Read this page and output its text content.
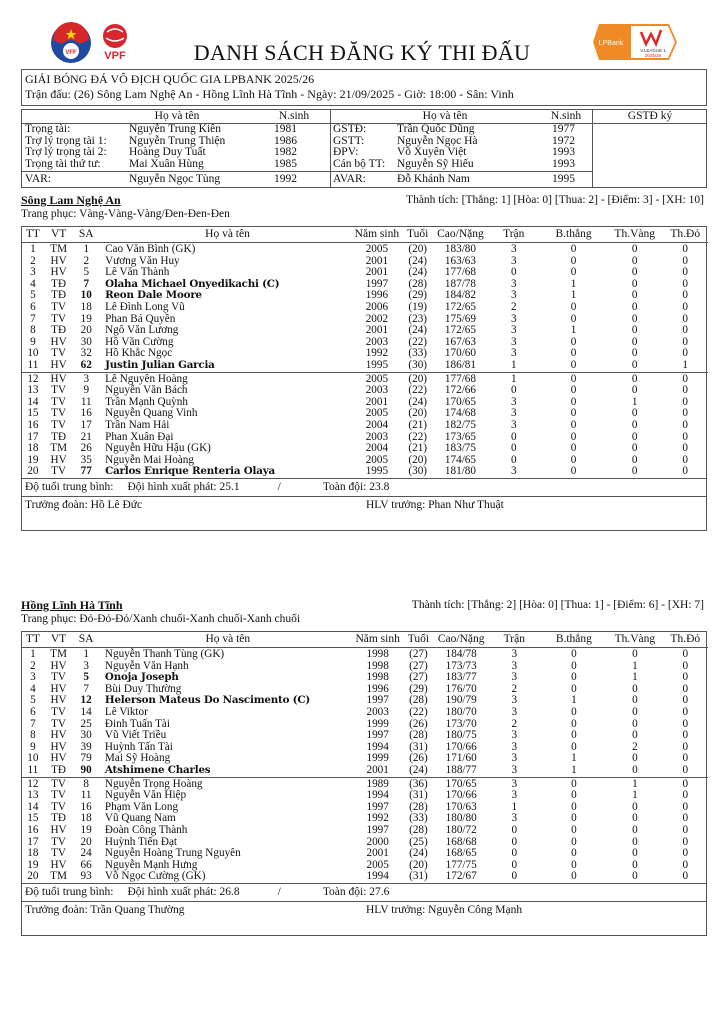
VFF	VPF
LPBank
V.LEAGUE 1
2025/26
DANH SÁCH ĐĂNG KÝ THI ĐẤU
GIẢI BÓNG ĐÁ VÔ ĐỊCH QUỐC GIA LPBANK 2025/26
Trận đấu: (26) Sông Lam Nghệ An - Hồng Lĩnh Hà Tĩnh - Ngày: 21/09/2025 - Giờ: 18:00 - Sân: Vinh
Họ và tên	N.sinh	Họ và tên	N.sinh	GSTĐ ký
Trọng tài:	Nguyễn Trung Kiên	1981
Trợ lý trọng tài 1: Nguyễn Trung Thiện	1986
Trợ lý trọng tài 2: Hoàng Duy Tuất	1982
Trọng tài thứ tư: Mai Xuân Hùng	1985
VAR:	Nguyễn Ngọc Tùng	1992
GSTĐ:	Trần Quốc Dũng	1977
GSTT:	Nguyễn Ngọc Hà	1972
ĐPV:	Võ Xuyên Việt	1993
Cán bộ TT: Nguyễn Sỹ Hiếu	1993
AVAR:	Đỗ Khánh Nam	1995
Sông Lam Nghệ An	Thành tích: [Thắng: 1] [Hòa: 0] [Thua: 2] - [Điểm: 3] - [XH: 10]
Trang phục: Vàng-Vàng-Vàng/Đen-Đen-Đen
TT	VT	SA	Họ và tên	Năm sinh	Tuổi	Cao/Nặng	Trận	B.thắng	Th.Vàng	Th.Đỏ
1	TM	1	Cao Văn Bình (GK)	2005	(20)	183/80	3	0	0	0
2	HV	2	Vương Văn Huy	2001	(24)	163/63	3	0	0	0
3	HV	5	Lê Văn Thành	2001	(24)	177/68	0	0	0	0
4	TĐ	7	Olaha Michael Onyedikachi (C)	1997	(28)	187/78	3	1	0	0
5	TĐ	10	Reon Dale Moore	1996	(29)	184/82	3	1	0	0
6	TV	18	Lê Đình Long Vũ	2006	(19)	172/65	2	0	0	0
7	TV	19	Phan Bá Quyền	2002	(23)	175/69	3	0	0	0
8	TĐ	20	Ngô Văn Lương	2001	(24)	172/65	3	1	0	0
9	HV	30	Hồ Văn Cường	2003	(22)	167/63	3	0	0	0
10	TV	32	Hồ Khắc Ngọc	1992	(33)	170/60	3	0	0	0
11	HV	62	Justin Julian Garcia	1995	(30)	186/81	1	0	0	1
12	HV	3	Lê Nguyên Hoàng	2005	(20)	177/68	1	0	0	0
13	TV	9	Nguyễn Văn Bách	2003	(22)	172/66	0	0	0	0
14	TV	11	Trần Mạnh Quỳnh	2001	(24)	170/65	3	0	1	0
15	TV	16	Nguyễn Quang Vinh	2005	(20)	174/68	3	0	0	0
16	TV	17	Trần Nam Hải	2004	(21)	182/75	3	0	0	0
17	TĐ	21	Phan Xuân Đại	2003	(22)	173/65	0	0	0	0
18	TM	26	Nguyễn Hữu Hậu (GK)	2004	(21)	183/75	0	0	0	0
19	HV	35	Nguyễn Mai Hoàng	2005	(20)	174/65	0	0	0	0
20	TV	77	Carlos Enrique Renteria Olaya	1995	(30)	181/80	3	0	0	0
Độ tuổi trung bình: Đội hình xuất phát: 25.1	/	Toàn đội: 23.8
Trưởng đoàn: Hồ Lê Đức	HLV trưởng: Phan Như Thuật
Hồng Lĩnh Hà Tĩnh	Thành tích: [Thắng: 2] [Hòa: 0] [Thua: 1] - [Điểm: 6] - [XH: 7]
Trang phục: Đỏ-Đỏ-Đỏ/Xanh chuối-Xanh chuối-Xanh chuối
TT	VT	SA	Họ và tên	Năm sinh	Tuổi	Cao/Nặng	Trận	B.thắng	Th.Vàng	Th.Đỏ
1	TM	1	Nguyễn Thanh Tùng (GK)	1998	(27)	184/78	3	0	0	0
2	HV	3	Nguyễn Văn Hạnh	1998	(27)	173/73	3	0	1	0
3	TV	5	Onoja Joseph	1998	(27)	183/77	3	0	1	0
4	HV	7	Bùi Duy Thường	1996	(29)	176/70	2	0	0	0
5	HV	12	Helerson Mateus Do Nascimento (C)	1997	(28)	190/79	3	1	0	0
6	TV	14	Lê Viktor	2003	(22)	180/70	3	0	0	0
7	TV	25	Đinh Tuấn Tài	1999	(26)	173/70	2	0	0	0
8	HV	30	Vũ Viết Triều	1997	(28)	180/75	3	0	0	0
9	HV	39	Huỳnh Tấn Tài	1994	(31)	170/66	3	0	2	0
10	HV	79	Mai Sỹ Hoàng	1999	(26)	171/60	3	1	0	0
11	TĐ	90	Atshimene Charles	2001	(24)	188/77	3	1	0	0
12	TV	8	Nguyễn Trọng Hoàng	1989	(36)	170/65	3	0	1	0
13	TV	11	Nguyễn Văn Hiệp	1994	(31)	170/66	3	0	1	0
14	TV	16	Phạm Văn Long	1997	(28)	170/63	1	0	0	0
15	TĐ	18	Vũ Quang Nam	1992	(33)	180/80	3	0	0	0
16	HV	19	Đoàn Công Thành	1997	(28)	180/72	0	0	0	0
17	TV	20	Huỳnh Tiến Đạt	2000	(25)	168/68	0	0	0	0
18	TV	24	Nguyễn Hoàng Trung Nguyên	2001	(24)	168/65	0	0	0	0
19	HV	66	Nguyễn Mạnh Hưng	2005	(20)	177/75	0	0	0	0
20	TM	93	Võ Ngọc Cường (GK)	1994	(31)	172/67	0	0	0	0
Độ tuổi trung bình: Đội hình xuất phát: 26.8	/	Toàn đội: 27.6
Trưởng đoàn: Trần Quang Thường	HLV trưởng: Nguyễn Công Mạnh
